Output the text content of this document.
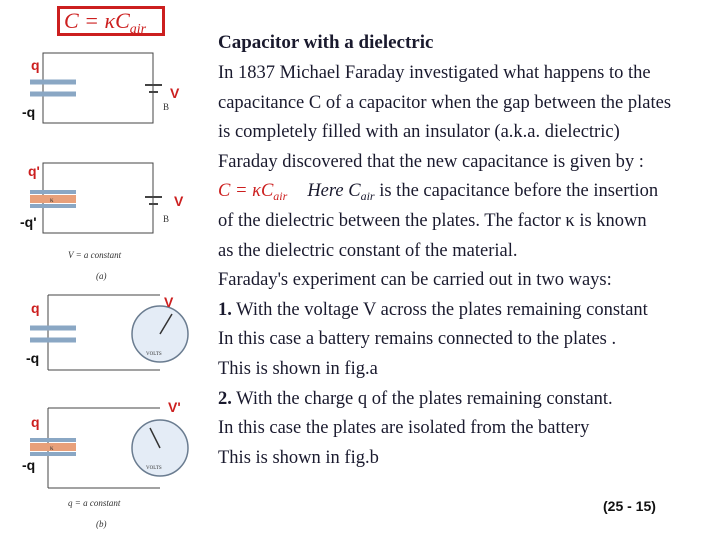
$C = \kappa C_{air}$
B
B
κ
κ
VOLTS
VOLTS
V = a constant
(a)
q = a constant
(b)
q
-q
V
q'
-q'
V
q
-q
V
q
-q
V'
Capacitor with a dielectric
In 1837 Michael Faraday investigated what happens to the
capacitance C of a capacitor when the gap between the plates
is completely filled with an insulator (a.k.a. dielectric)
Faraday discovered that the new capacitance is given by :
$C = \kappa C_{air}$ Here $C_{air}$ is the capacitance before the insertion
of the dielectric between the plates. The factor κ is known
as the dielectric constant of the material.
Faraday's experiment can be carried out in two ways:
1. With the voltage V across the plates remaining constant
In this case a battery remains connected to the plates .
This is shown in fig.a
2. With the charge q of the plates remaining constant.
In this case the plates are isolated from the battery
This is shown in fig.b
(25 - 15)
